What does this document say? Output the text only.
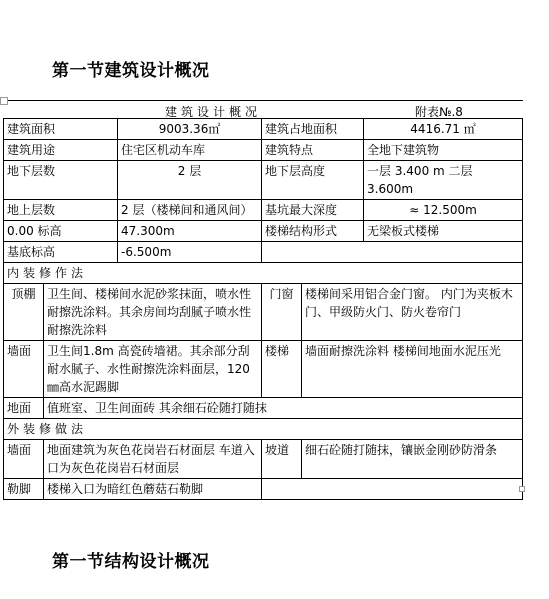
第一节建筑设计概况
建筑设计概况	附表№.8
建筑面积		9003.36㎡	建筑占地面积		4416.71 ㎡
建筑用途		住宅区机动车库	建筑特点		全地下建筑物
地下层数		2 层	地下层高度		一层 3.400 m 二层 3.600m
地上层数		2 层（楼梯间和通风间）	基坑最大深度		≈ 12.500m
0.00 标高		47.300m	楼梯结构形式		无梁板式楼梯
基底标高		-6.500m			
内装修作法					
顶棚	卫生间、楼梯间水泥砂浆抹面，喷水性耐擦洗涂料。其余房间均刮腻子喷水性耐擦洗涂料		门窗	楼梯间采用铝合金门窗。 内门为夹板木门、甲级防火门、防火卷帘门	
墙面	卫生间1.8m 高瓷砖墙裙。其余部分刮耐水腻子、水性耐擦洗涂料面层，120㎜高水泥踢脚		楼梯	墙面耐擦洗涂料 楼梯间地面水泥压光	
地面	值班室、卫生间面砖 其余细石砼随打随抹				
外装修做法					
墙面	地面建筑为灰色花岗岩石材面层 车道入口为灰色花岗岩石材面层		坡道	细石砼随打随抹，镶嵌金刚砂防滑条	
勒脚	楼梯入口为暗红色蘑菇石勒脚				
第一节结构设计概况
